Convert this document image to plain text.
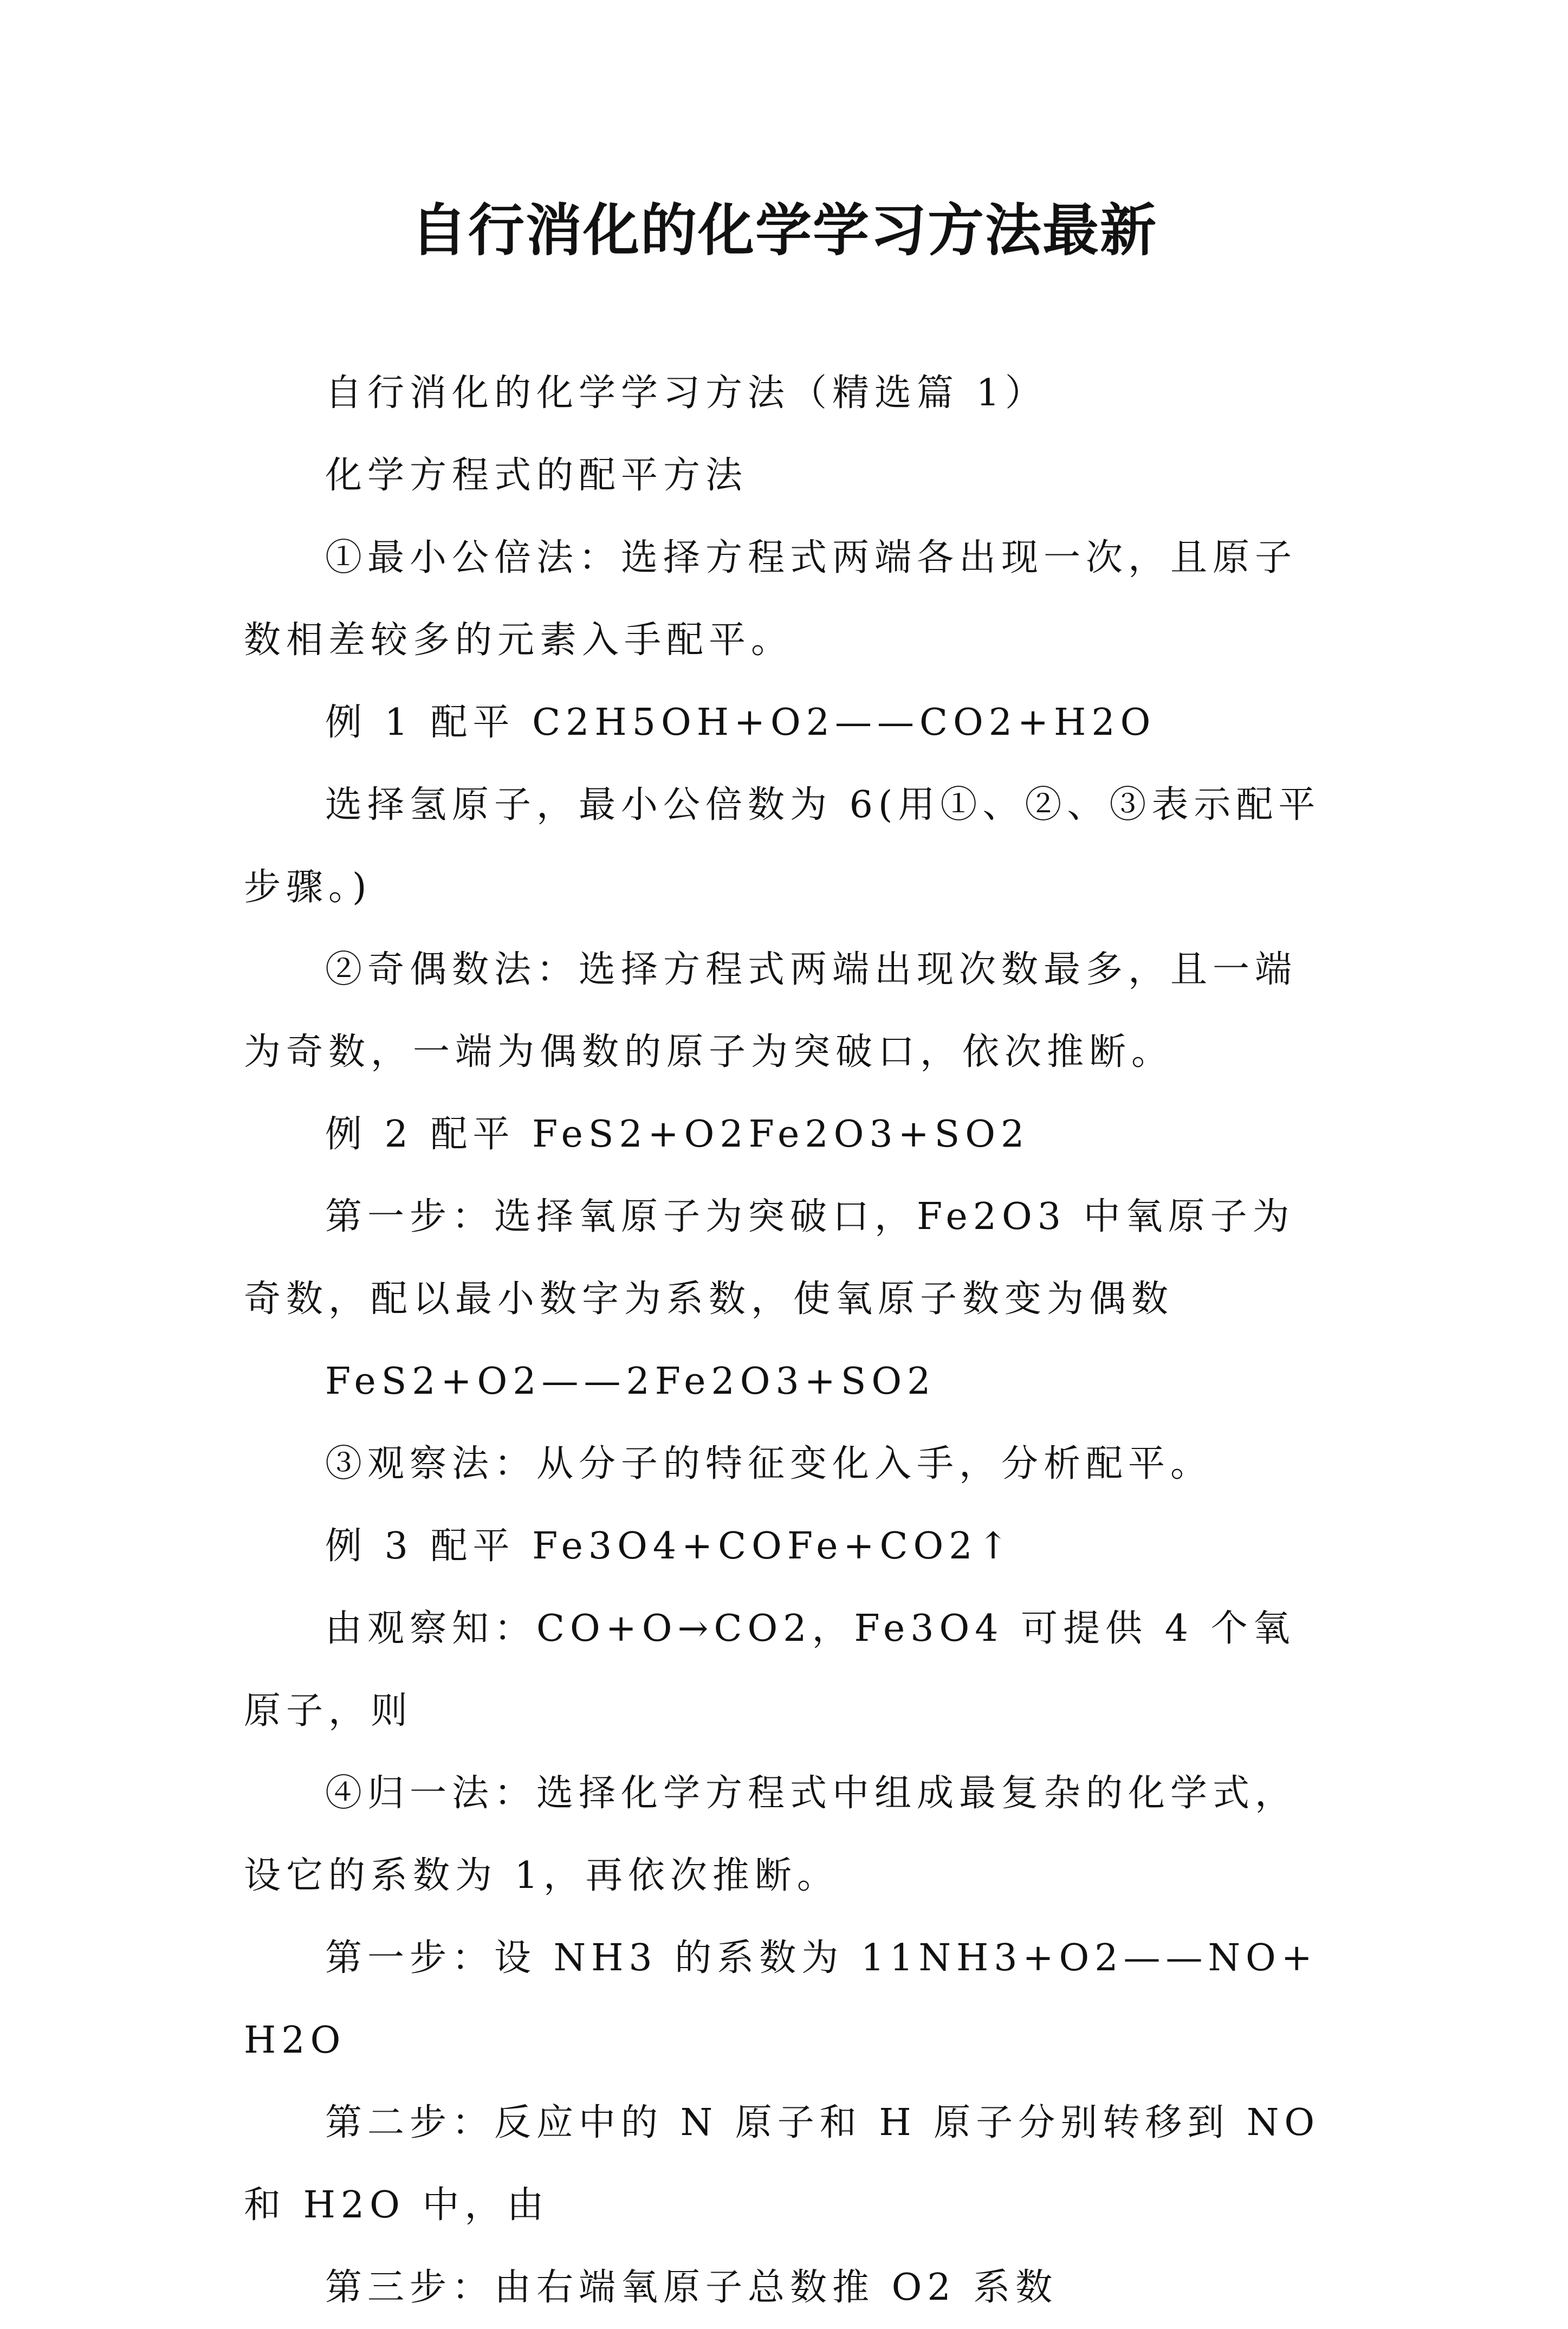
自行消化的化学学习方法最新

自行消化的化学学习方法（精选篇 1）

化学方程式的配平方法

①最小公倍法：选择方程式两端各出现一次，且原子数相差较多的元素入手配平。

例 1 配平 C2H5OH+O2——CO2+H2O

选择氢原子，最小公倍数为 6(用①、②、③表示配平步骤。)

②奇偶数法：选择方程式两端出现次数最多，且一端为奇数，一端为偶数的原子为突破口，依次推断。

例 2 配平 FeS2+O2Fe2O3+SO2

第一步：选择氧原子为突破口，Fe2O3 中氧原子为奇数，配以最小数字为系数，使氧原子数变为偶数

FeS2+O2——2Fe2O3+SO2

③观察法：从分子的特征变化入手，分析配平。

例 3 配平 Fe3O4+COFe+CO2↑

由观察知：CO+O→CO2，Fe3O4 可提供 4 个氧原子，则

④归一法：选择化学方程式中组成最复杂的化学式，设它的系数为 1，再依次推断。

第一步：设 NH3 的系数为 11NH3+O2——NO+H2O

第二步：反应中的 N 原子和 H 原子分别转移到 NO 和 H2O 中，由

第三步：由右端氧原子总数推 O2 系数
